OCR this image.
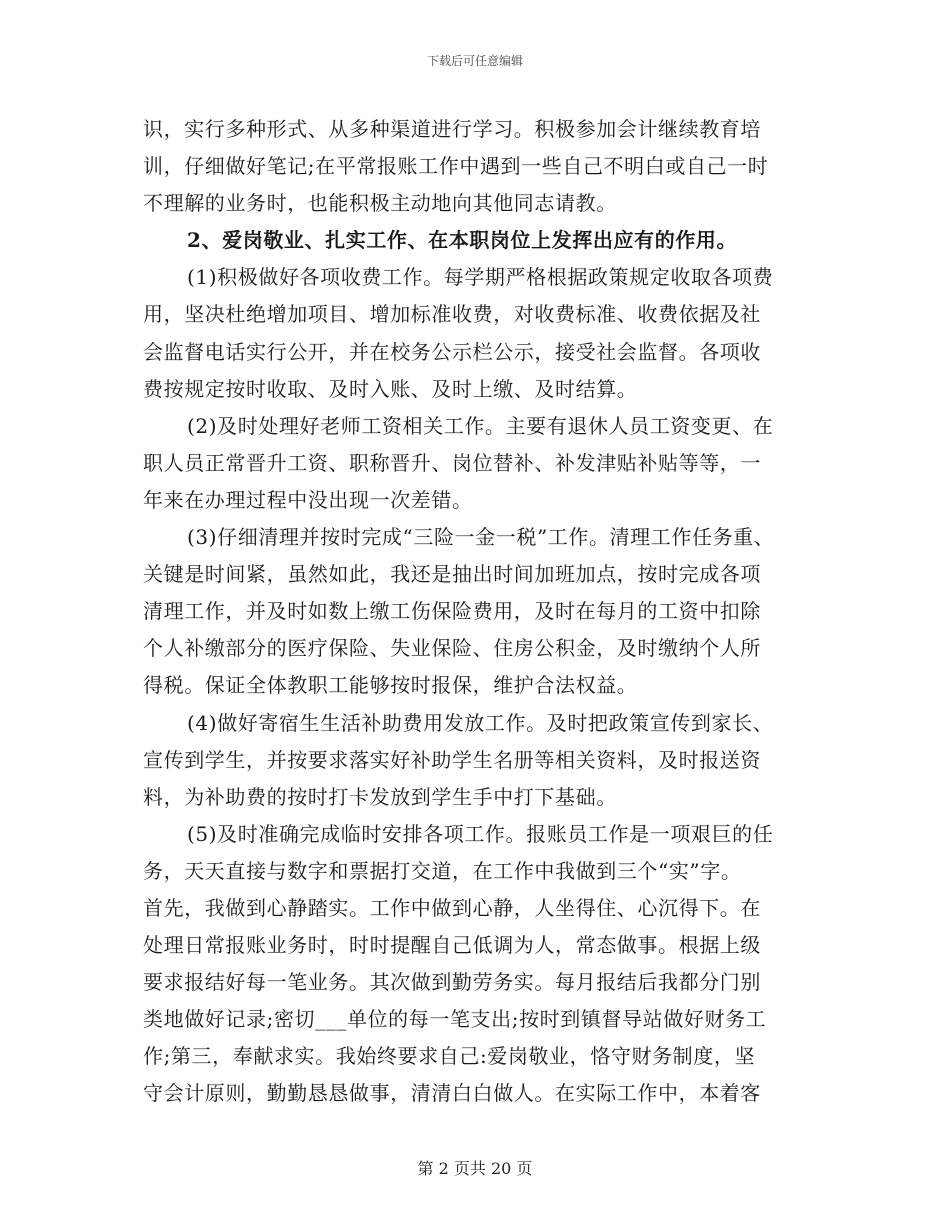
下载后可任意编辑
识，实行多种形式、从多种渠道进行学习。积极参加会计继续教育培
训，仔细做好笔记;在平常报账工作中遇到一些自己不明白或自己一时
不理解的业务时，也能积极主动地向其他同志请教。
2、爱岗敬业、扎实工作、在本职岗位上发挥出应有的作用。
(1)积极做好各项收费工作。每学期严格根据政策规定收取各项费
用，坚决杜绝增加项目、增加标准收费，对收费标准、收费依据及社
会监督电话实行公开，并在校务公示栏公示，接受社会监督。各项收
费按规定按时收取、及时入账、及时上缴、及时结算。
(2)及时处理好老师工资相关工作。主要有退休人员工资变更、在
职人员正常晋升工资、职称晋升、岗位替补、补发津贴补贴等等，一
年来在办理过程中没出现一次差错。
(3)仔细清理并按时完成“三险一金一税”工作。清理工作任务重、
关键是时间紧，虽然如此，我还是抽出时间加班加点，按时完成各项
清理工作，并及时如数上缴工伤保险费用，及时在每月的工资中扣除
个人补缴部分的医疗保险、失业保险、住房公积金，及时缴纳个人所
得税。保证全体教职工能够按时报保，维护合法权益。
(4)做好寄宿生生活补助费用发放工作。及时把政策宣传到家长、
宣传到学生，并按要求落实好补助学生名册等相关资料，及时报送资
料，为补助费的按时打卡发放到学生手中打下基础。
(5)及时准确完成临时安排各项工作。报账员工作是一项艰巨的任
务，天天直接与数字和票据打交道，在工作中我做到三个“实”字。
首先，我做到心静踏实。工作中做到心静，人坐得住、心沉得下。在
处理日常报账业务时，时时提醒自己低调为人，常态做事。根据上级
要求报结好每一笔业务。其次做到勤劳务实。每月报结后我都分门别
类地做好记录;密切___单位的每一笔支出;按时到镇督导站做好财务工
作;第三，奉献求实。我始终要求自己:爱岗敬业，恪守财务制度，坚
守会计原则，勤勤恳恳做事，清清白白做人。在实际工作中，本着客
第 2 页共 20 页
